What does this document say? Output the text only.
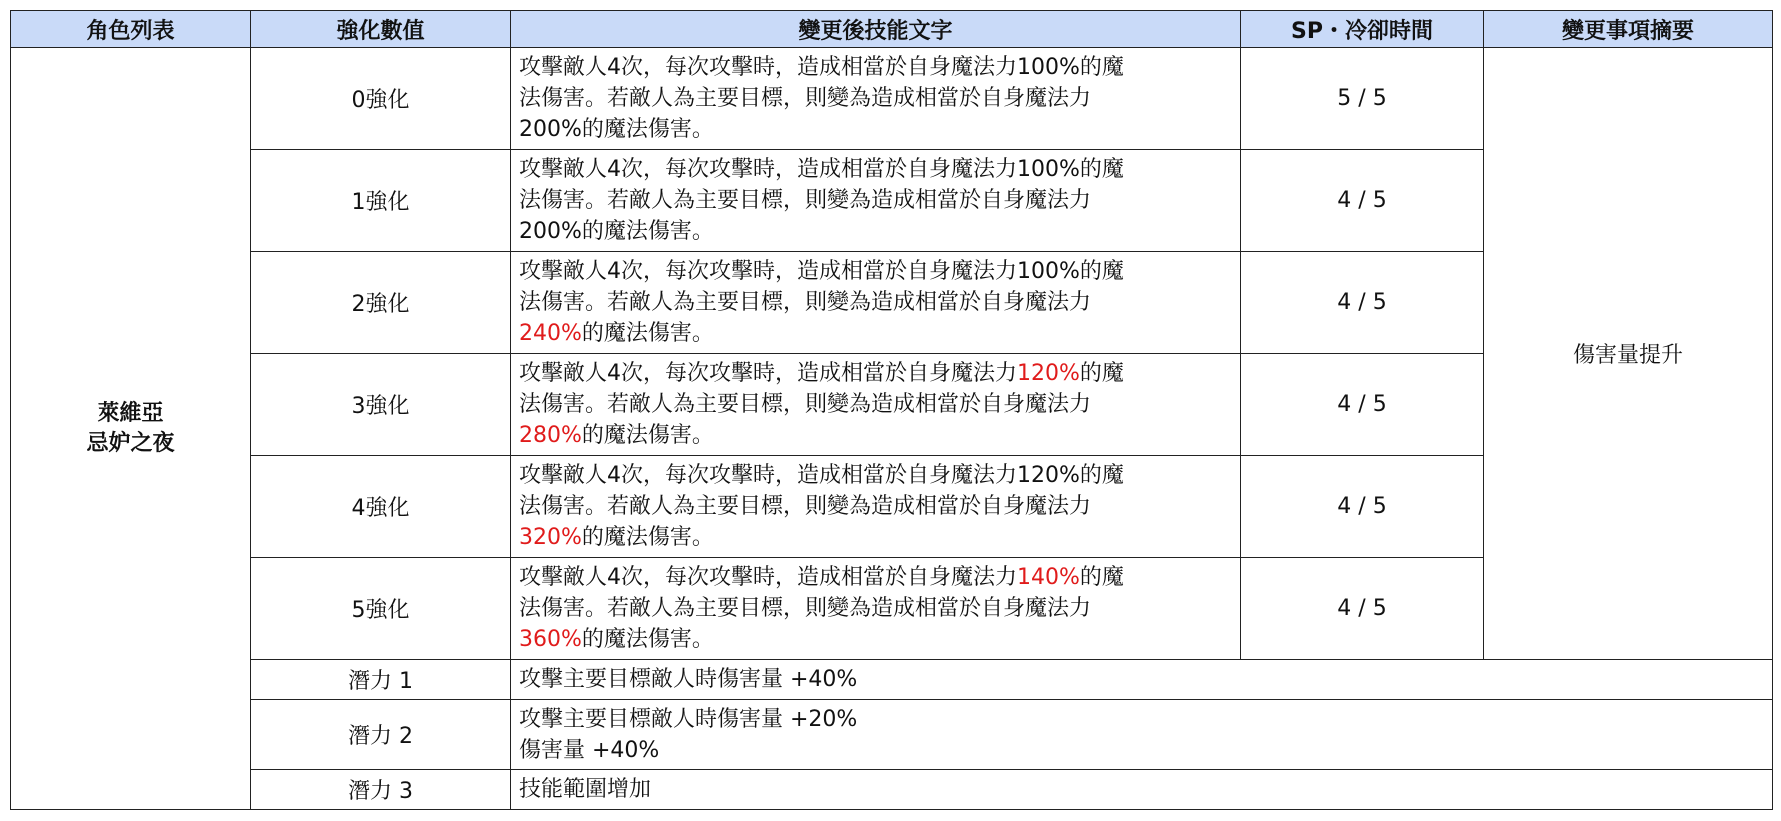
角色列表	強化數值	變更後技能文字	SP・冷卻時間	變更事項摘要

萊維亞
忌妒之夜	0強化	攻擊敵人4次，每次攻擊時，造成相當於自身魔法力100%的魔
法傷害。若敵人為主要目標，則變為造成相當於自身魔法力
200%的魔法傷害。	5 / 5	傷害量提升
	1強化	攻擊敵人4次，每次攻擊時，造成相當於自身魔法力100%的魔
法傷害。若敵人為主要目標，則變為造成相當於自身魔法力
200%的魔法傷害。	4 / 5	
	2強化	攻擊敵人4次，每次攻擊時，造成相當於自身魔法力100%的魔
法傷害。若敵人為主要目標，則變為造成相當於自身魔法力
240%的魔法傷害。	4 / 5	
	3強化	攻擊敵人4次，每次攻擊時，造成相當於自身魔法力120%的魔
法傷害。若敵人為主要目標，則變為造成相當於自身魔法力
280%的魔法傷害。	4 / 5	
	4強化	攻擊敵人4次，每次攻擊時，造成相當於自身魔法力120%的魔
法傷害。若敵人為主要目標，則變為造成相當於自身魔法力
320%的魔法傷害。	4 / 5	
	5強化	攻擊敵人4次，每次攻擊時，造成相當於自身魔法力140%的魔
法傷害。若敵人為主要目標，則變為造成相當於自身魔法力
360%的魔法傷害。	4 / 5	
	潛力 1	攻擊主要目標敵人時傷害量 +40%		

	潛力 2	攻擊主要目標敵人時傷害量 +20%
傷害量 +40%		

	潛力 3	技能範圍增加		
